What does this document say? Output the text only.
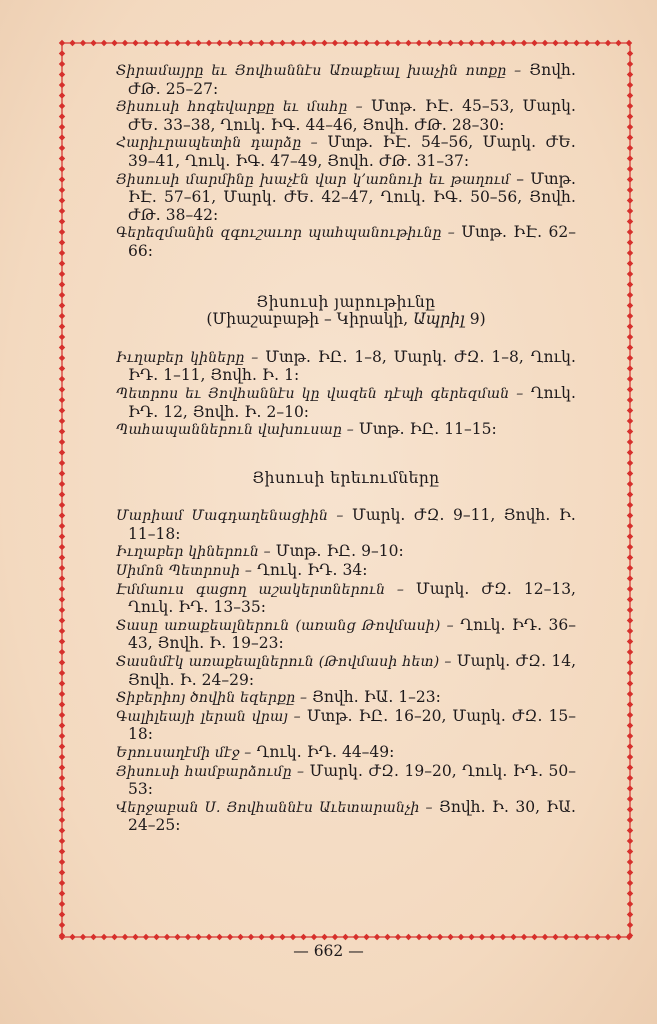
Տիրամայրը եւ Յովհաննէս Առաքեալ խաչին ոտքը – Յովհ․ ԺԹ․ 25–27:

Յիսուսի հոգեվարքը եւ մահը – Մտթ․ ԻԷ․ 45–53, Մարկ․ ԺԵ․ 33–38, Ղուկ․ ԻԳ․ 44–46, Յովհ․ ԺԹ․ 28–30:

Հարիւրապետին դարձը – Մտթ․ ԻԷ․ 54–56, Մարկ․ ԺԵ․ 39–41, Ղուկ․ ԻԳ․ 47–49, Յովհ․ ԺԹ․ 31–37:

Յիսուսի մարմինը խաչէն վար կ՚առնուի եւ թաղում – Մտթ․ ԻԷ․ 57–61, Մարկ․ ԺԵ․ 42–47, Ղուկ․ ԻԳ․ 50–56, Յովհ․ ԺԹ․ 38–42:

Գերեզմանին զգուշաւոր պահպանութիւնը – Մտթ․ ԻԷ․ 62–66:

Յիսուսի յարութիւնը

(Միաշաբաթի – Կիրակի, Ապրիլ 9)

Իւղաբեր կիները – Մտթ․ ԻԸ․ 1–8, Մարկ․ ԺԶ․ 1–8, Ղուկ․ ԻԴ․ 1–11, Յովհ․ Ի․ 1:

Պետրոս եւ Յովհաննէս կը վազեն դէպի գերեզման – Ղուկ․ ԻԴ․ 12, Յովհ․ Ի․ 2–10:

Պահապաններուն վախուսաը – Մտթ․ ԻԸ․ 11–15:

Յիսուսի երեւումները

Մարիամ Մագդաղենացիին – Մարկ․ ԺԶ․ 9–11, Յովհ․ Ի․ 11–18:

Իւղաբեր կիներուն – Մտթ․ ԻԸ․ 9–10:

Սիմոն Պետրոսի – Ղուկ․ ԻԴ․ 34:

Էմմաուս գացող աշակերտներուն – Մարկ․ ԺԶ․ 12–13, Ղուկ․ ԻԴ․ 13–35:

Տասը առաքեալներուն (առանց Թովմասի) – Ղուկ․ ԻԴ․ 36–43, Յովհ․ Ի․ 19–23:

Տասնմէկ առաքեալներուն (Թովմասի հետ) – Մարկ․ ԺԶ․ 14, Յովհ․ Ի․ 24–29:

Տիբերիոյ ծովին եզերքը – Յովհ․ ԻԱ․ 1–23:

Գալիլեայի լերան վրայ – Մտթ․ ԻԸ․ 16–20, Մարկ․ ԺԶ․ 15–18:

Երուսաղէմի մէջ – Ղուկ․ ԻԴ․ 44–49:

Յիսուսի համբարձումը – Մարկ․ ԺԶ․ 19–20, Ղուկ․ ԻԴ․ 50–53:

Վերջաբան Ս. Յովհաննէս Աւետարանչի – Յովհ․ Ի․ 30, ԻԱ․ 24–25:

— 662 —
